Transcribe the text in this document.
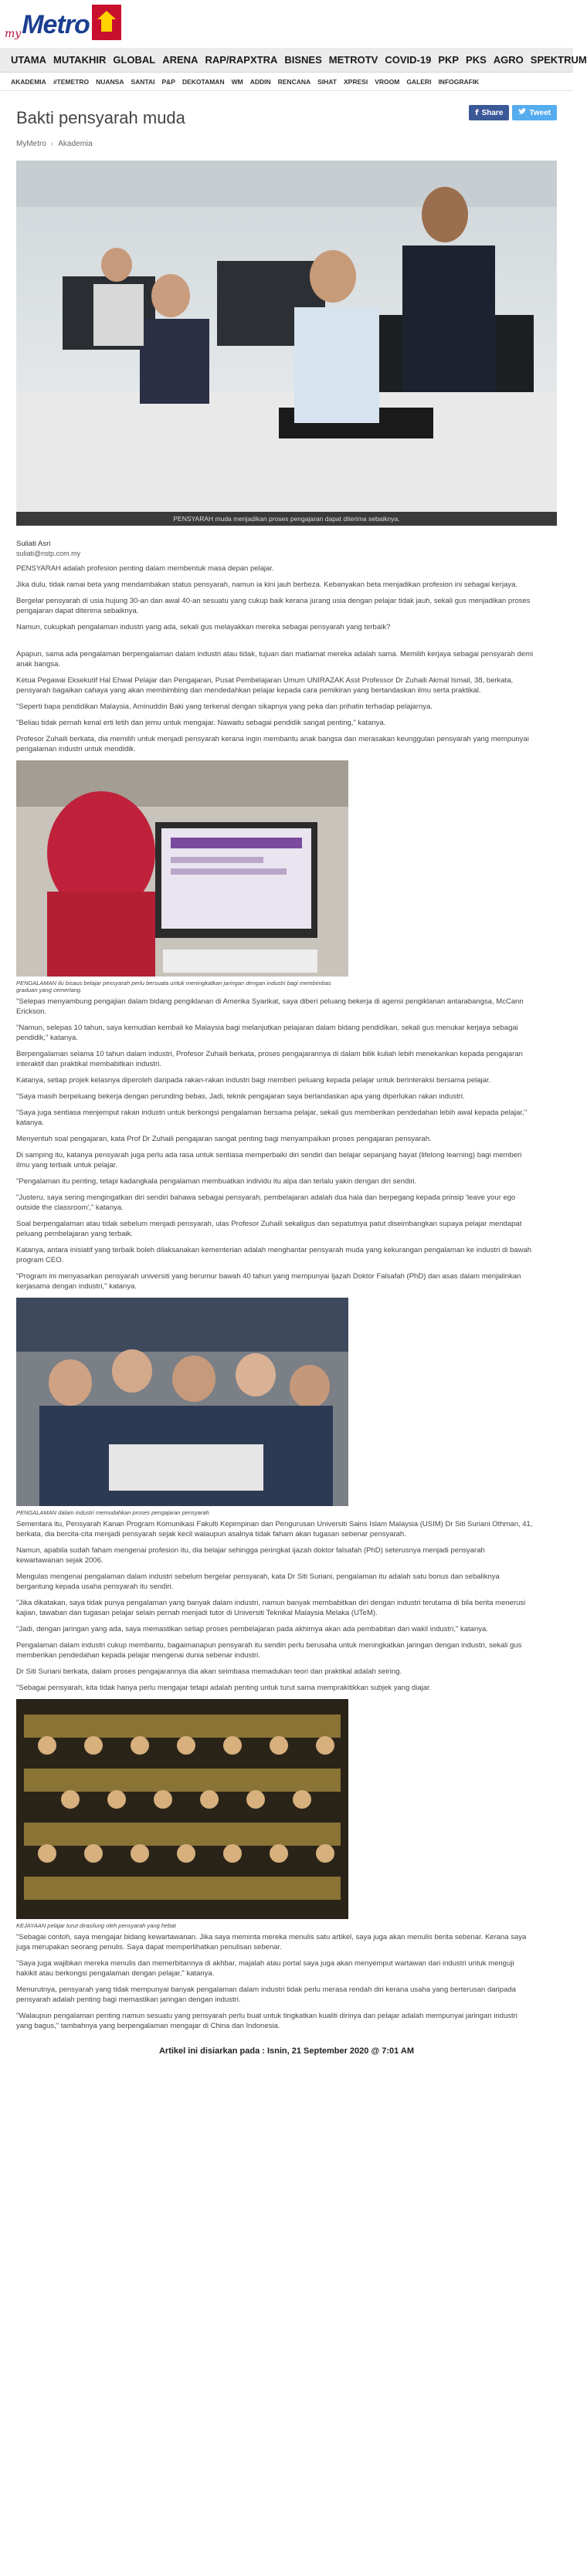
my Metro
UTAMA MUTAKHIR GLOBAL ARENA RAP/RAPXTRA BISNES METROTV COVID-19 PKP PKS AGRO SPEKTRUM
AKADEMIA #TEMETRO NUANSA SANTAI P&P DEKOTAMAN WM ADDIN RENCANA SIHAT XPRESI VROOM GALERI INFOGRAFIK
Bakti pensyarah muda	f Share	Tweet
MyMetro › Akademia
PENSYARAH muda menjadikan proses pengajaran dapat diterima sebaiknya.
Suliati Asri
suliati@nstp.com.my

PENSYARAH adalah profesion penting dalam membentuk masa depan pelajar.

Jika dulu, tidak ramai beta yang mendambakan status pensyarah, namun ia kini jauh berbeza. Kebanyakan beta menjadikan profesion ini sebagai kerjaya.

Bergelar pensyarah di usia hujung 30-an dan awal 40-an sesuatu yang cukup baik kerana jurang usia dengan pelajar tidak jauh, sekali gus menjadikan proses pengajaran dapat diterima sebaiknya.

Namun, cukupkah pengalaman industri yang ada, sekali gus melayakkan mereka sebagai pensyarah yang terbaik?

Apapun, sama ada pengalaman berpengalaman dalam industri atau tidak, tujuan dan matlamat mereka adalah sama. Memilih kerjaya sebagai pensyarah demi anak bangsa.

Ketua Pegawai Eksekutif Hal Ehwal Pelajar dan Pengajaran, Pusat Pembelajaran Umum UNIRAZAK Asst Professor Dr Zuhaili Akmal Ismail, 38, berkata, pensyarah bagaikan cahaya yang akan membimbing dan mendedahkan pelajar kepada cara pemikiran yang bertandaskan ilmu serta praktikal.

"Seperti bapa pendidikan Malaysia, Aminuddin Baki yang terkenal dengan sikapnya yang peka dan prihatin terhadap pelajarnya.

"Beliau tidak pernah kenal erti letih dan jemu untuk mengajar. Nawaitu sebagai pendidik sangat penting," katanya.

Profesor Zuhaili berkata, dia memilih untuk menjadi pensyarah kerana ingin membantu anak bangsa dan merasakan keunggulan pensyarah yang mempunyai pengalaman industri untuk mendidik.

PENGALAMAN ilu bisaus belajar pensyarah perlu bersuata untuk meningkatkan jaringan dengan industri bagi membimbas graduan yang cemerlang.

"Selepas menyambung pengajian dalam bidang pengiklanan di Amerika Syarikat, saya diberi peluang bekerja di agensi pengiklanan antarabangsa, McCann Erickson.

"Namun, selepas 10 tahun, saya kemudian kembali ke Malaysia bagi melanjutkan pelajaran dalam bidang pendidikan, sekali gus menukar kerjaya sebagai pendidik," katanya.

Berpengalaman selama 10 tahun dalam industri, Profesor Zuhaili berkata, proses pengajarannya di dalam bilik kuliah lebih menekankan kepada pengajaran interaktif dan praktikal membabitkan industri.

Katanya, setiap projek kelasnya diperoleh daripada rakan-rakan industri bagi memberi peluang kepada pelajar untuk berinteraksi bersama pelajar.

"Saya masih berpeluang bekerja dengan perunding bebas, Jadi, teknik pengajaran saya berlandaskan apa yang diperlukan rakan industri.

"Saya juga sentiasa menjemput rakan industri untuk berkongsi pengalaman bersama pelajar, sekali gus memberikan pendedahan lebih awal kepada pelajar," katanya.

Menyentuh soal pengajaran, kata Prof Dr Zuhaili pengajaran sangat penting bagi menyampaikan proses pengajaran pensyarah.

Di samping itu, katanya pensyarah juga perlu ada rasa untuk sentiasa memperbaiki diri sendiri dan belajar sepanjang hayat (lifelong learning) bagi memberi ilmu yang terbaik untuk pelajar.

"Pengalaman itu penting, tetapi kadangkala pengalaman membuatkan individu itu alpa dan terlalu yakin dengan diri sendiri.

"Justeru, saya sering mengingatkan diri sendiri bahawa sebagai pensyarah, pembelajaran adalah dua hala dan berpegang kepada prinsip 'leave your ego outside the classroom'," katanya.

Soal berpengalaman atau tidak sebelum menjadi pensyarah, ulas Profesor Zuhaili sekaligus dan sepatutnya patut diseimbangkan supaya pelajar mendapat peluang pembelajaran yang terbaik.

Katanya, antara inisiatif yang terbaik boleh dilaksanakan kementerian adalah menghantar pensyarah muda yang kekurangan pengalaman ke industri di bawah program CEO.

"Program ini menyasarkan pensyarah universiti yang berumur bawah 40 tahun yang mempunyai Ijazah Doktor Falsafah (PhD) dan asas dalam menjalinkan kerjasama dengan industri," katanya.

PENGALAMAN dalam industri memudahkan proses pengajaran pensyarah

Sementara itu, Pensyarah Kanan Program Komunikasi Fakulti Kepimpinan dan Pengurusan Universiti Sains Islam Malaysia (USIM) Dr Siti Suriani Othman, 41, berkata, dia bercita-cita menjadi pensyarah sejak kecil walaupun asalnya tidak faham akan tugasan sebenar pensyarah.

Namun, apabila sudah faham mengenai profesion itu, dia belajar sehingga peringkat ijazah doktor falsafah (PhD) seterusnya menjadi pensyarah kewartawanan sejak 2006.

Mengulas mengenai pengalaman dalam industri sebelum bergelar pensyarah, kata Dr Siti Suriani, pengalaman itu adalah satu bonus dan sebaliknya bergantung kepada usaha pensyarah itu sendiri.

"Jika dikatakan, saya tidak punya pengalaman yang banyak dalam industri, namun banyak membabitkan diri dengan industri terutama di bila berita menerusi kajian, tawaban dan tugasan pelajar selain pernah menjadi tutor di Universiti Teknikal Malaysia Melaka (UTeM).

"Jadi, dengan jaringan yang ada, saya memastikan setiap proses pembelajaran pada akhirnya akan ada pembabitan dari wakil industri," katanya.

Pengalaman dalam industri cukup membantu, bagaimanapun pensyarah itu sendiri perlu berusaha untuk meningkatkan jaringan dengan industri, sekali gus memberikan pendedahan kepada pelajar mengenai dunia sebenar industri.

Dr Siti Suriani berkata, dalam proses pengajarannya dia akan seimbasa memadukan teori dan praktikal adalah seiring.

"Sebagai pensyarah, kita tidak hanya perlu mengajar tetapi adalah penting untuk turut sama memprakitikkan subjek yang diajar.

KEJAYAAN pelajar turut dirasilung oleh pensyarah yang hebat

"Sebagai contoh, saya mengajar bidang kewartawanan. Jika saya meminta mereka menulis satu artikel, saya juga akan menulis berita sebenar. Kerana saya juga merupakan seorang penulis. Saya dapat memperlihatkan penulisan sebenar.

"Saya juga wajibkan mereka menulis dan memerbitannya di akhbar, majalah atau portal saya juga akan menyemput wartawan dari industri untuk menguji hakikit atau berkongsi pengalaman dengan pelajar," katanya.

Menurutnya, pensyarah yang tidak mempunyai banyak pengalaman dalam industri tidak perlu merasa rendah diri kerana usaha yang berterusan daripada pensyarah adalah penting bagi memastikan jaringan dengan industri.

"Walaupun pengalaman penting namun sesuatu yang pensyarah perlu buat untuk tingkatkan kualiti dirinya dan pelajar adalah mempunyai jaringan industri yang bagus," tambahnya yang berpengalaman mengajar di China dan Indonesia.

Artikel ini disiarkan pada : Isnin, 21 September 2020 @ 7:01 AM
